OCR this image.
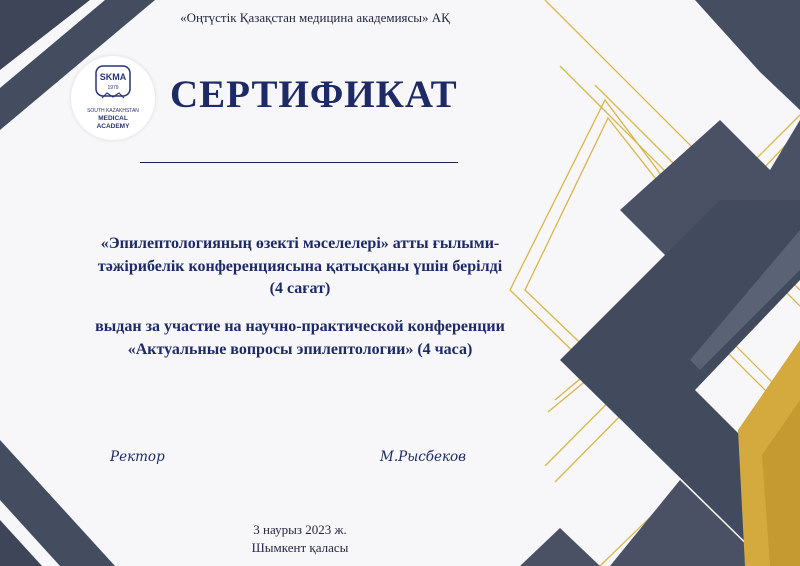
«Оңтүстік Қазақстан медицина академиясы» АҚ
SKMA
1979
SOUTH KAZAKHSTAN
MEDICAL
ACADEMY
СЕРТИФИКАТ
«Эпилептологияның өзекті мәселелері» атты ғылыми-
тәжірибелік конференциясына қатысқаны үшін берілді
(4 сағат)
выдан за участие на научно-практической конференции
«Актуальные вопросы эпилептологии» (4 часа)
Ректор	М.Рысбеков
3 наурыз 2023 ж.
Шымкент қаласы
